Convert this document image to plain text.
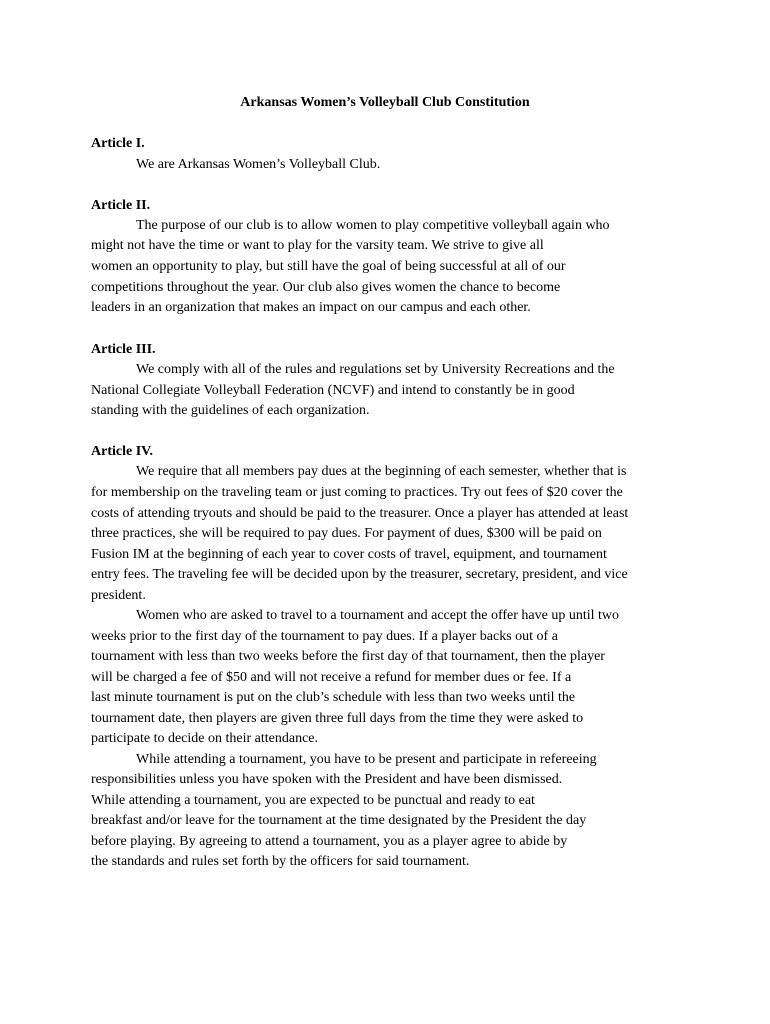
Arkansas Women’s Volleyball Club Constitution
Article I.
We are Arkansas Women’s Volleyball Club.
Article II.
The purpose of our club is to allow women to play competitive volleyball again who
might not have the time or want to play for the varsity team. We strive to give all
women an opportunity to play, but still have the goal of being successful at all of our
competitions throughout the year. Our club also gives women the chance to become
leaders in an organization that makes an impact on our campus and each other.
Article III.
We comply with all of the rules and regulations set by University Recreations and the
National Collegiate Volleyball Federation (NCVF) and intend to constantly be in good
standing with the guidelines of each organization.
Article IV.
We require that all members pay dues at the beginning of each semester, whether that is
for membership on the traveling team or just coming to practices. Try out fees of $20 cover the
costs of attending tryouts and should be paid to the treasurer. Once a player has attended at least
three practices, she will be required to pay dues. For payment of dues, $300 will be paid on
Fusion IM at the beginning of each year to cover costs of travel, equipment, and tournament
entry fees. The traveling fee will be decided upon by the treasurer, secretary, president, and vice
president.
Women who are asked to travel to a tournament and accept the offer have up until two
weeks prior to the first day of the tournament to pay dues. If a player backs out of a
tournament with less than two weeks before the first day of that tournament, then the player
will be charged a fee of $50 and will not receive a refund for member dues or fee. If a
last minute tournament is put on the club’s schedule with less than two weeks until the
tournament date, then players are given three full days from the time they were asked to
participate to decide on their attendance.
While attending a tournament, you have to be present and participate in refereeing
responsibilities unless you have spoken with the President and have been dismissed.
While attending a tournament, you are expected to be punctual and ready to eat
breakfast and/or leave for the tournament at the time designated by the President the day
before playing. By agreeing to attend a tournament, you as a player agree to abide by
the standards and rules set forth by the officers for said tournament.
